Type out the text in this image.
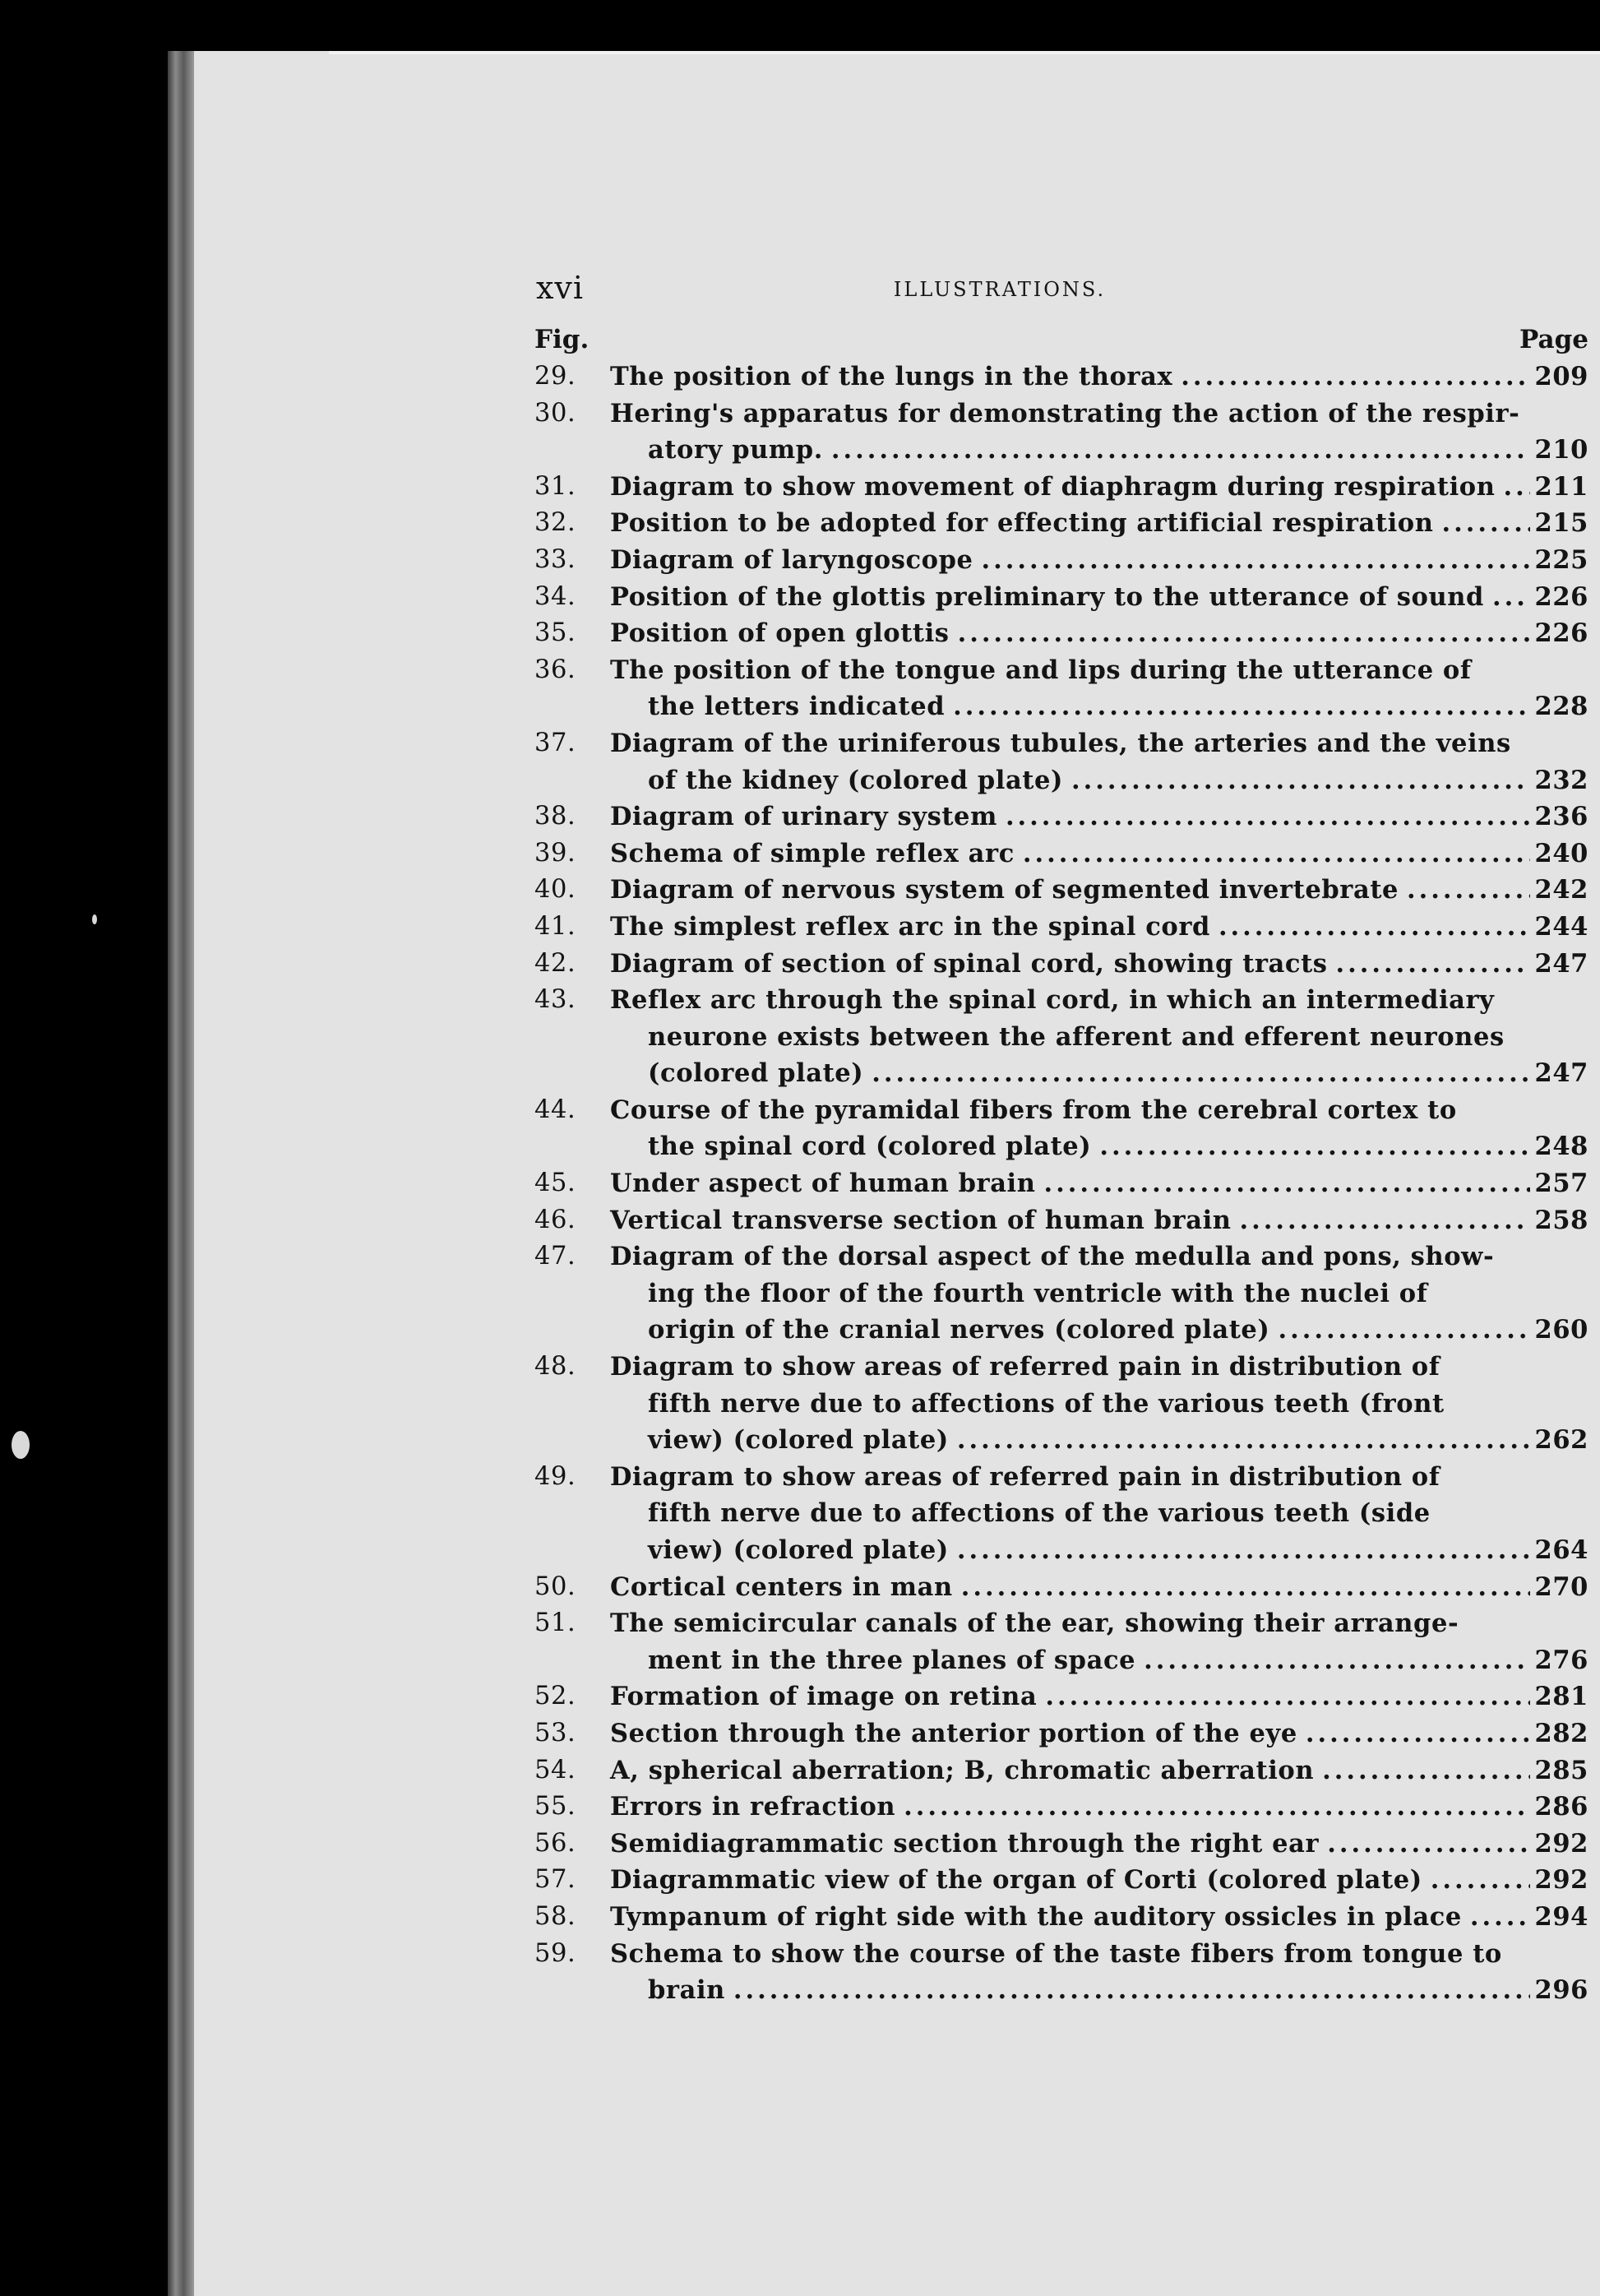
xvi	ILLUSTRATIONS.
Fig.	Page
29.	The position of the lungs in the thorax .....	209
30.	Hering's apparatus for demonstrating the action of the respir-
atory pump. .....	210
31.	Diagram to show movement of diaphragm during respiration ..... 211
32.	Position to be adopted for effecting artificial respiration .....	215
33.	Diagram of laryngoscope .....	225
34.	Position of the glottis preliminary to the utterance of sound ..... 226
35.	Position of open glottis .....	226
36.	The position of the tongue and lips during the utterance of
the letters indicated .....	228
37.	Diagram of the uriniferous tubules, the arteries and the veins
of the kidney (colored plate) .....	232
38.	Diagram of urinary system .....	236
39.	Schema of simple reflex arc .....	240
40.	Diagram of nervous system of segmented invertebrate .....	242
41.	The simplest reflex arc in the spinal cord .....	244
42.	Diagram of section of spinal cord, showing tracts .....	247
43.	Reflex arc through the spinal cord, in which an intermediary
neurone exists between the afferent and efferent neurones
(colored plate) .....	247
44.	Course of the pyramidal fibers from the cerebral cortex to
the spinal cord (colored plate) .....	248
45.	Under aspect of human brain .....	257
46.	Vertical transverse section of human brain .....	258
47.	Diagram of the dorsal aspect of the medulla and pons, show-
ing the floor of the fourth ventricle with the nuclei of
origin of the cranial nerves (colored plate) .....	260
48.	Diagram to show areas of referred pain in distribution of
fifth nerve due to affections of the various teeth (front
view) (colored plate) .....	262
49.	Diagram to show areas of referred pain in distribution of
fifth nerve due to affections of the various teeth (side
view) (colored plate) .....	264
50.	Cortical centers in man .....	270
51.	The semicircular canals of the ear, showing their arrange-
ment in the three planes of space .....	276
52.	Formation of image on retina .....	281
53.	Section through the anterior portion of the eye .....	282
54.	A, spherical aberration; B, chromatic aberration .....	285
55.	Errors in refraction .....	286
56.	Semidiagrammatic section through the right ear .....	292
57.	Diagrammatic view of the organ of Corti (colored plate) .....	292
58.	Tympanum of right side with the auditory ossicles in place .....	294
59.	Schema to show the course of the taste fibers from tongue to
brain .....	296
